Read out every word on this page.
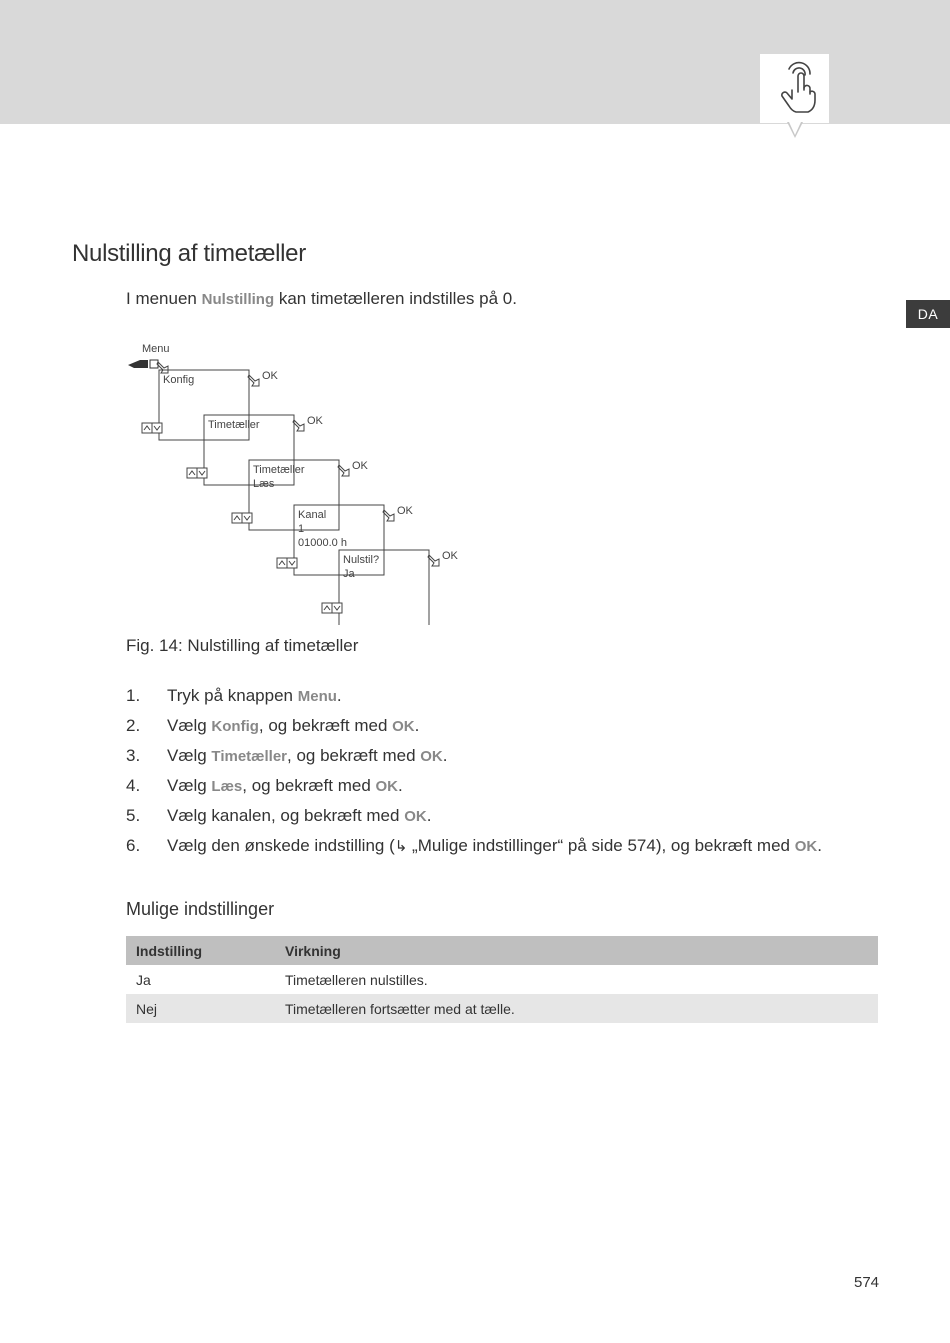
DA
Nulstilling af timetæller

I menuen Nulstilling kan timetælleren indstilles på 0.

Menu
Konfig	OK
Timetæller	OK
Timetæller
Læs
OK
Kanal
1
01000.0 h
OK
Nulstil?
Ja
OK

Fig. 14: Nulstilling af timetæller

1. Tryk på knappen Menu.
2. Vælg Konfig, og bekræft med OK.
3. Vælg Timetæller, og bekræft med OK.
4. Vælg Læs, og bekræft med OK.
5. Vælg kanalen, og bekræft med OK.
6. Vælg den ønskede indstilling (↳ „Mulige indstillinger“ på side 574), og bekræft med OK.
Mulige indstillinger
Indstilling	Virkning
Ja	Timetælleren nulstilles.
Nej	Timetælleren fortsætter med at tælle.
574
